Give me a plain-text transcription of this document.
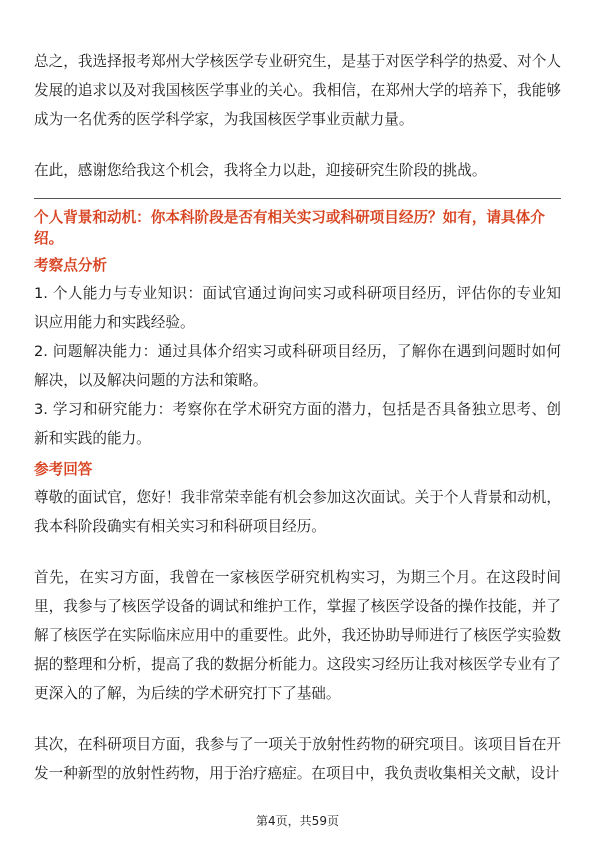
总之，我选择报考郑州大学核医学专业研究生，是基于对医学科学的热爱、对个人发展的追求以及对我国核医学事业的关心。我相信，在郑州大学的培养下，我能够成为一名优秀的医学科学家，为我国核医学事业贡献力量。

在此，感谢您给我这个机会，我将全力以赴，迎接研究生阶段的挑战。

个人背景和动机：你本科阶段是否有相关实习或科研项目经历？如有，请具体介绍。

考察点分析

1. 个人能力与专业知识：面试官通过询问实习或科研项目经历，评估你的专业知识应用能力和实践经验。

2. 问题解决能力：通过具体介绍实习或科研项目经历，了解你在遇到问题时如何解决，以及解决问题的方法和策略。

3. 学习和研究能力：考察你在学术研究方面的潜力，包括是否具备独立思考、创新和实践的能力。

参考回答

尊敬的面试官，您好！我非常荣幸能有机会参加这次面试。关于个人背景和动机，我本科阶段确实有相关实习和科研项目经历。

首先，在实习方面，我曾在一家核医学研究机构实习，为期三个月。在这段时间里，我参与了核医学设备的调试和维护工作，掌握了核医学设备的操作技能，并了解了核医学在实际临床应用中的重要性。此外，我还协助导师进行了核医学实验数据的整理和分析，提高了我的数据分析能力。这段实习经历让我对核医学专业有了更深入的了解，为后续的学术研究打下了基础。

其次，在科研项目方面，我参与了一项关于放射性药物的研究项目。该项目旨在开发一种新型的放射性药物，用于治疗癌症。在项目中，我负责收集相关文献，设计

第4页，共59页
